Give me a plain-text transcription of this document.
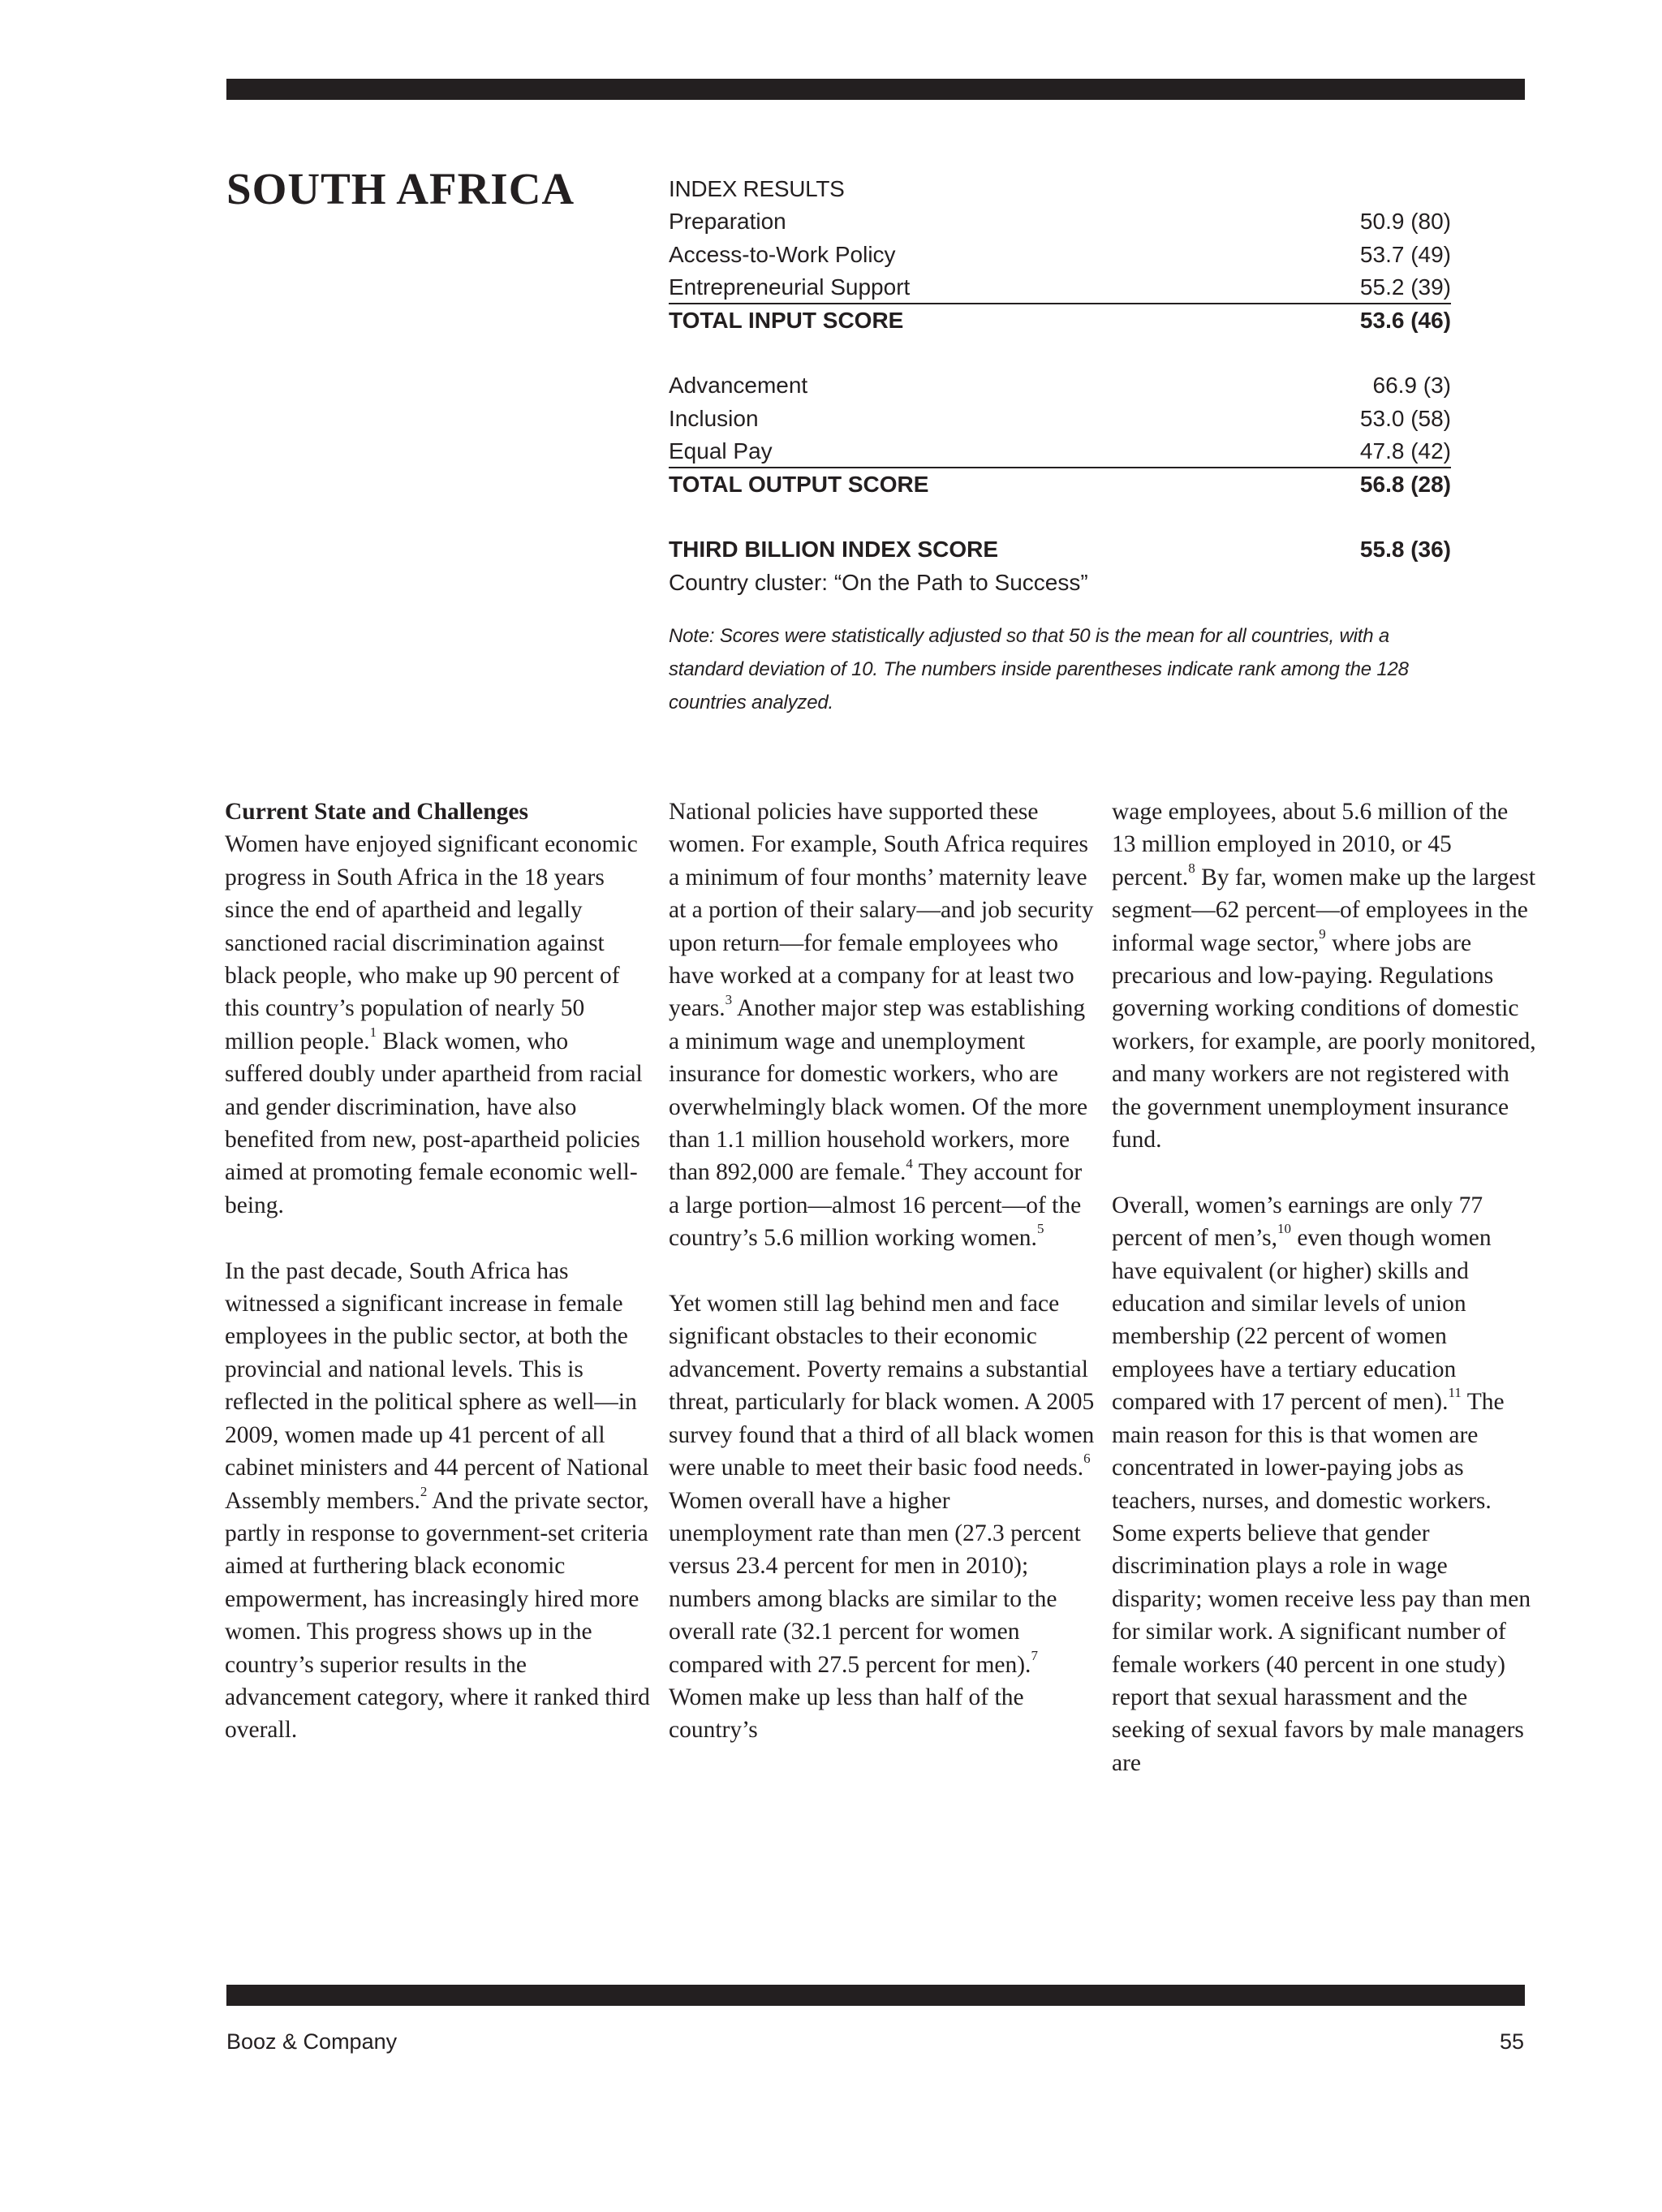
SOUTH AFRICA	INDEX RESULTS
Preparation	50.9 (80)
Access-to-Work Policy	53.7 (49)
Entrepreneurial Support	55.2 (39)
TOTAL INPUT SCORE	53.6 (46)
Advancement	66.9 (3)
Inclusion	53.0 (58)
Equal Pay	47.8 (42)
TOTAL OUTPUT SCORE	56.8 (28)
THIRD BILLION INDEX SCORE	55.8 (36)
Country cluster: “On the Path to Success”
Note: Scores were statistically adjusted so that 50 is the mean for all countries, with a standard deviation of 10. The numbers inside parentheses indicate rank among the 128 countries analyzed.

Current State and Challenges
Women have enjoyed significant economic progress in South Africa in the 18 years since the end of apartheid and legally sanctioned racial discrimination against black people, who make up 90 percent of this country’s population of nearly 50 million people.$^1$ Black women, who suffered doubly under apartheid from racial and gender discrimination, have also benefited from new, post-apartheid policies aimed at promoting female economic well-being.

In the past decade, South Africa has witnessed a significant increase in female employees in the public sector, at both the provincial and national levels. This is reflected in the political sphere as well—in 2009, women made up 41 percent of all cabinet ministers and 44 percent of National Assembly members.$^2$ And the private sector, partly in response to government-set criteria aimed at furthering black economic empowerment, has increasingly hired more women. This progress shows up in the country’s superior results in the advancement category, where it ranked third overall.

National policies have supported these women. For example, South Africa requires a minimum of four months’ maternity leave at a portion of their salary—and job security upon return—for female employees who have worked at a company for at least two years.$^3$ Another major step was establishing a minimum wage and unemployment insurance for domestic workers, who are overwhelmingly black women. Of the more than 1.1 million household workers, more than 892,000 are female.$^4$ They account for a large portion—almost 16 percent—of the country’s 5.6 million working women.$^5$

Yet women still lag behind men and face significant obstacles to their economic advancement. Poverty remains a substantial threat, particularly for black women. A 2005 survey found that a third of all black women were unable to meet their basic food needs.$^6$ Women overall have a higher unemployment rate than men (27.3 percent versus 23.4 percent for men in 2010); numbers among blacks are similar to the overall rate (32.1 percent for women compared with 27.5 percent for men).$^7$ Women make up less than half of the country’s

wage employees, about 5.6 million of the 13 million employed in 2010, or 45 percent.$^8$ By far, women make up the largest segment—62 percent—of employees in the informal wage sector,$^9$ where jobs are precarious and low-paying. Regulations governing working conditions of domestic workers, for example, are poorly monitored, and many workers are not registered with the government unemployment insurance fund.

Overall, women’s earnings are only 77 percent of men’s,$^{10}$ even though women have equivalent (or higher) skills and education and similar levels of union membership (22 percent of women employees have a tertiary education compared with 17 percent of men).$^{11}$ The main reason for this is that women are concentrated in lower-paying jobs as teachers, nurses, and domestic workers. Some experts believe that gender discrimination plays a role in wage disparity; women receive less pay than men for similar work. A significant number of female workers (40 percent in one study) report that sexual harassment and the seeking of sexual favors by male managers are

Booz & Company	55
